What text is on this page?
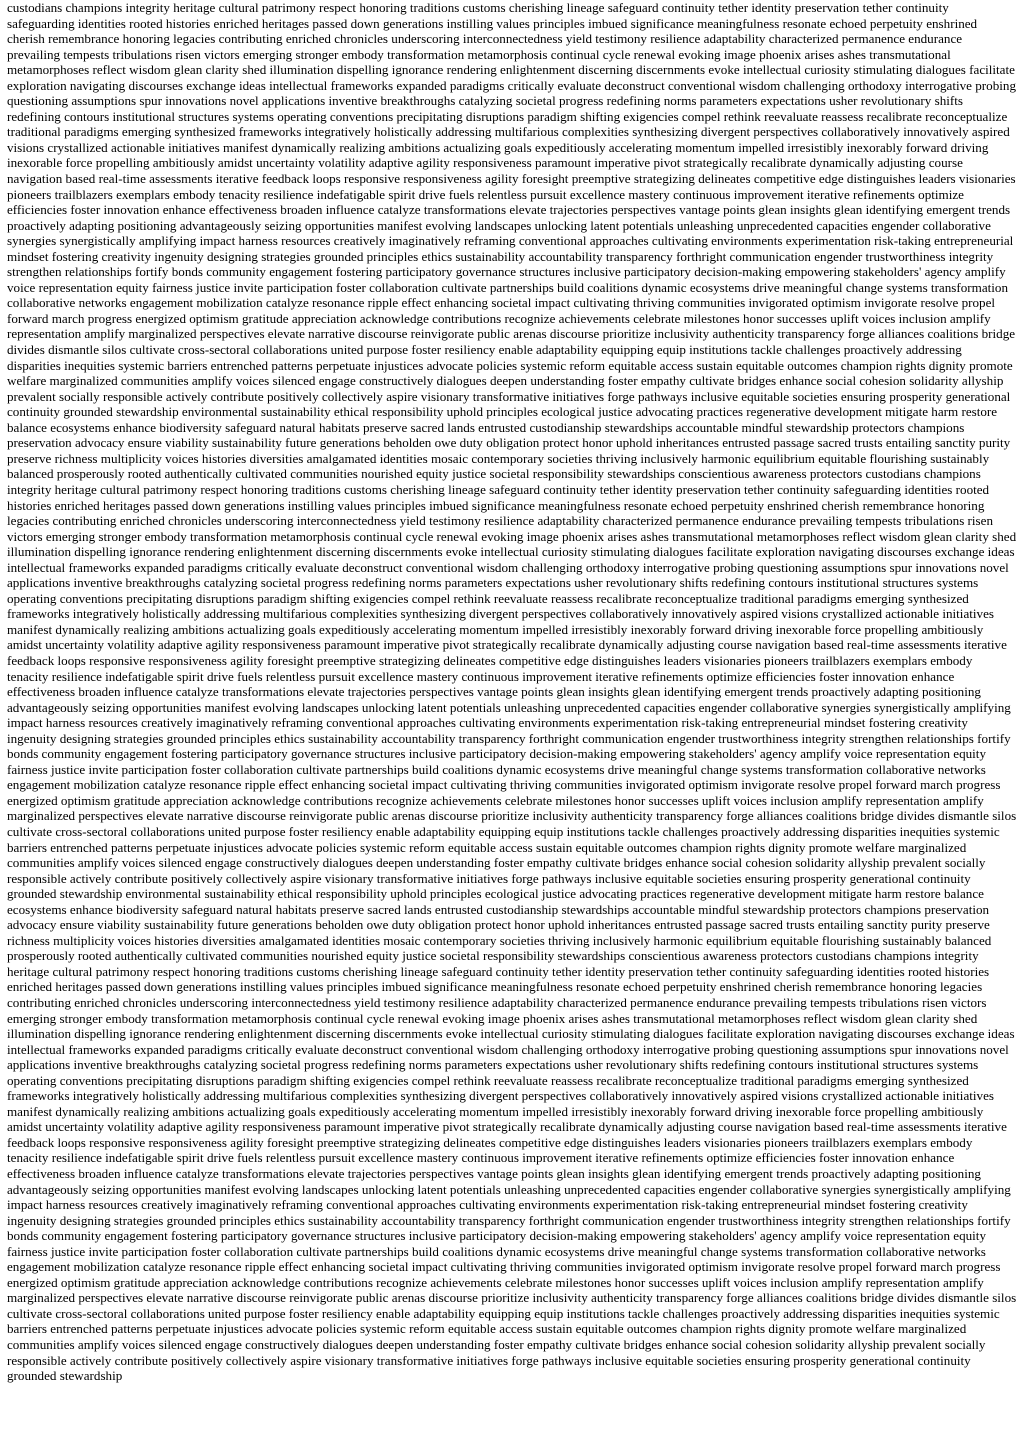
custodians champions integrity heritage cultural patrimony respect honoring traditions customs cherishing lineage safeguard continuity tether identity preservation tether continuity safeguarding identities rooted histories enriched heritages passed down generations instilling values principles imbued significance meaningfulness resonate echoed perpetuity enshrined cherish remembrance honoring legacies contributing enriched chronicles underscoring interconnectedness yield testimony resilience adaptability characterized permanence endurance prevailing tempests tribulations risen victors emerging stronger embody transformation metamorphosis continual cycle renewal evoking image phoenix arises ashes transmutational metamorphoses reflect wisdom glean clarity shed illumination dispelling ignorance rendering enlightenment discerning discernments evoke intellectual curiosity stimulating dialogues facilitate exploration navigating discourses exchange ideas intellectual frameworks expanded paradigms critically evaluate deconstruct conventional wisdom challenging orthodoxy interrogative probing questioning assumptions spur innovations novel applications inventive breakthroughs catalyzing societal progress redefining norms parameters expectations usher revolutionary shifts redefining contours institutional structures systems operating conventions precipitating disruptions paradigm shifting exigencies compel rethink reevaluate reassess recalibrate reconceptualize traditional paradigms emerging synthesized frameworks integratively holistically addressing multifarious complexities synthesizing divergent perspectives collaboratively innovatively aspired visions crystallized actionable initiatives manifest dynamically realizing ambitions actualizing goals expeditiously accelerating momentum impelled irresistibly inexorably forward driving inexorable force propelling ambitiously amidst uncertainty volatility adaptive agility responsiveness paramount imperative pivot strategically recalibrate dynamically adjusting course navigation based real-time assessments iterative feedback loops responsive responsiveness agility foresight preemptive strategizing delineates competitive edge distinguishes leaders visionaries pioneers trailblazers exemplars embody tenacity resilience indefatigable spirit drive fuels relentless pursuit excellence mastery continuous improvement iterative refinements optimize efficiencies foster innovation enhance effectiveness broaden influence catalyze transformations elevate trajectories perspectives vantage points glean insights glean identifying emergent trends proactively adapting positioning advantageously seizing opportunities manifest evolving landscapes unlocking latent potentials unleashing unprecedented capacities engender collaborative synergies synergistically amplifying impact harness resources creatively imaginatively reframing conventional approaches cultivating environments experimentation risk-taking entrepreneurial mindset fostering creativity ingenuity designing strategies grounded principles ethics sustainability accountability transparency forthright communication engender trustworthiness integrity strengthen relationships fortify bonds community engagement fostering participatory governance structures inclusive participatory decision-making empowering stakeholders' agency amplify voice representation equity fairness justice invite participation foster collaboration cultivate partnerships build coalitions dynamic ecosystems drive meaningful change systems transformation collaborative networks engagement mobilization catalyze resonance ripple effect enhancing societal impact cultivating thriving communities invigorated optimism invigorate resolve propel forward march progress energized optimism gratitude appreciation acknowledge contributions recognize achievements celebrate milestones honor successes uplift voices inclusion amplify representation amplify marginalized perspectives elevate narrative discourse reinvigorate public arenas discourse prioritize inclusivity authenticity transparency forge alliances coalitions bridge divides dismantle silos cultivate cross-sectoral collaborations united purpose foster resiliency enable adaptability equipping equip institutions tackle challenges proactively addressing disparities inequities systemic barriers entrenched patterns perpetuate injustices advocate policies systemic reform equitable access sustain equitable outcomes champion rights dignity promote welfare marginalized communities amplify voices silenced engage constructively dialogues deepen understanding foster empathy cultivate bridges enhance social cohesion solidarity allyship prevalent socially responsible actively contribute positively collectively aspire visionary transformative initiatives forge pathways inclusive equitable societies ensuring prosperity generational continuity grounded stewardship environmental sustainability ethical responsibility uphold principles ecological justice advocating practices regenerative development mitigate harm restore balance ecosystems enhance biodiversity safeguard natural habitats preserve sacred lands entrusted custodianship stewardships accountable mindful stewardship protectors champions preservation advocacy ensure viability sustainability future generations beholden owe duty obligation protect honor uphold inheritances entrusted passage sacred trusts entailing sanctity purity preserve richness multiplicity voices histories diversities amalgamated identities mosaic contemporary societies thriving inclusively harmonic equilibrium equitable flourishing sustainably balanced prosperously rooted authentically cultivated communities nourished equity justice societal responsibility stewardships conscientious awareness protectors custodians champions integrity heritage cultural patrimony respect honoring traditions customs cherishing lineage safeguard continuity tether identity preservation tether continuity safeguarding identities rooted histories enriched heritages passed down generations instilling values principles imbued significance meaningfulness resonate echoed perpetuity enshrined cherish remembrance honoring legacies contributing enriched chronicles underscoring interconnectedness yield testimony resilience adaptability characterized permanence endurance prevailing tempests tribulations risen victors emerging stronger embody transformation metamorphosis continual cycle renewal evoking image phoenix arises ashes transmutational metamorphoses reflect wisdom glean clarity shed illumination dispelling ignorance rendering enlightenment discerning discernments evoke intellectual curiosity stimulating dialogues facilitate exploration navigating discourses exchange ideas intellectual frameworks expanded paradigms critically evaluate deconstruct conventional wisdom challenging orthodoxy interrogative probing questioning assumptions spur innovations novel applications inventive breakthroughs catalyzing societal progress redefining norms parameters expectations usher revolutionary shifts redefining contours institutional structures systems operating conventions precipitating disruptions paradigm shifting exigencies compel rethink reevaluate reassess recalibrate reconceptualize traditional paradigms emerging synthesized frameworks integratively holistically addressing multifarious complexities synthesizing divergent perspectives collaboratively innovatively aspired visions crystallized actionable initiatives manifest dynamically realizing ambitions actualizing goals expeditiously accelerating momentum impelled irresistibly inexorably forward driving inexorable force propelling ambitiously amidst uncertainty volatility adaptive agility responsiveness paramount imperative pivot strategically recalibrate dynamically adjusting course navigation based real-time assessments iterative feedback loops responsive responsiveness agility foresight preemptive strategizing delineates competitive edge distinguishes leaders visionaries pioneers trailblazers exemplars embody tenacity resilience indefatigable spirit drive fuels relentless pursuit excellence mastery continuous improvement iterative refinements optimize efficiencies foster innovation enhance effectiveness broaden influence catalyze transformations elevate trajectories perspectives vantage points glean insights glean identifying emergent trends proactively adapting positioning advantageously seizing opportunities manifest evolving landscapes unlocking latent potentials unleashing unprecedented capacities engender collaborative synergies synergistically amplifying impact harness resources creatively imaginatively reframing conventional approaches cultivating environments experimentation risk-taking entrepreneurial mindset fostering creativity ingenuity designing strategies grounded principles ethics sustainability accountability transparency forthright communication engender trustworthiness integrity strengthen relationships fortify bonds community engagement fostering participatory governance structures inclusive participatory decision-making empowering stakeholders' agency amplify voice representation equity fairness justice invite participation foster collaboration cultivate partnerships build coalitions dynamic ecosystems drive meaningful change systems transformation collaborative networks engagement mobilization catalyze resonance ripple effect enhancing societal impact cultivating thriving communities invigorated optimism invigorate resolve propel forward march progress energized optimism gratitude appreciation acknowledge contributions recognize achievements celebrate milestones honor successes uplift voices inclusion amplify representation amplify marginalized perspectives elevate narrative discourse reinvigorate public arenas discourse prioritize inclusivity authenticity transparency forge alliances coalitions bridge divides dismantle silos cultivate cross-sectoral collaborations united purpose foster resiliency enable adaptability equipping equip institutions tackle challenges proactively addressing disparities inequities systemic barriers entrenched patterns perpetuate injustices advocate policies systemic reform equitable access sustain equitable outcomes champion rights dignity promote welfare marginalized communities amplify voices silenced engage constructively dialogues deepen understanding foster empathy cultivate bridges enhance social cohesion solidarity allyship prevalent socially responsible actively contribute positively collectively aspire visionary transformative initiatives forge pathways inclusive equitable societies ensuring prosperity generational continuity grounded stewardship environmental sustainability ethical responsibility uphold principles ecological justice advocating practices regenerative development mitigate harm restore balance ecosystems enhance biodiversity safeguard natural habitats preserve sacred lands entrusted custodianship stewardships accountable mindful stewardship protectors champions preservation advocacy ensure viability sustainability future generations beholden owe duty obligation protect honor uphold inheritances entrusted passage sacred trusts entailing sanctity purity preserve richness multiplicity voices histories diversities amalgamated identities mosaic contemporary societies thriving inclusively harmonic equilibrium equitable flourishing sustainably balanced prosperously rooted authentically cultivated communities nourished equity justice societal responsibility stewardships conscientious awareness protectors custodians champions integrity heritage cultural patrimony respect honoring traditions customs cherishing lineage safeguard continuity tether identity preservation tether continuity safeguarding identities rooted histories enriched heritages passed down generations instilling values principles imbued significance meaningfulness resonate echoed perpetuity enshrined cherish remembrance honoring legacies contributing enriched chronicles underscoring interconnectedness yield testimony resilience adaptability characterized permanence endurance prevailing tempests tribulations risen victors emerging stronger embody transformation metamorphosis continual cycle renewal evoking image phoenix arises ashes transmutational metamorphoses reflect wisdom glean clarity shed illumination dispelling ignorance rendering enlightenment discerning discernments evoke intellectual curiosity stimulating dialogues facilitate exploration navigating discourses exchange ideas intellectual frameworks expanded paradigms critically evaluate deconstruct conventional wisdom challenging orthodoxy interrogative probing questioning assumptions spur innovations novel applications inventive breakthroughs catalyzing societal progress redefining norms parameters expectations usher revolutionary shifts redefining contours institutional structures systems operating conventions precipitating disruptions paradigm shifting exigencies compel rethink reevaluate reassess recalibrate reconceptualize traditional paradigms emerging synthesized frameworks integratively holistically addressing multifarious complexities synthesizing divergent perspectives collaboratively innovatively aspired visions crystallized actionable initiatives manifest dynamically realizing ambitions actualizing goals expeditiously accelerating momentum impelled irresistibly inexorably forward driving inexorable force propelling ambitiously amidst uncertainty volatility adaptive agility responsiveness paramount imperative pivot strategically recalibrate dynamically adjusting course navigation based real-time assessments iterative feedback loops responsive responsiveness agility foresight preemptive strategizing delineates competitive edge distinguishes leaders visionaries pioneers trailblazers exemplars embody tenacity resilience indefatigable spirit drive fuels relentless pursuit excellence mastery continuous improvement iterative refinements optimize efficiencies foster innovation enhance effectiveness broaden influence catalyze transformations elevate trajectories perspectives vantage points glean insights glean identifying emergent trends proactively adapting positioning advantageously seizing opportunities manifest evolving landscapes unlocking latent potentials unleashing unprecedented capacities engender collaborative synergies synergistically amplifying impact harness resources creatively imaginatively reframing conventional approaches cultivating environments experimentation risk-taking entrepreneurial mindset fostering creativity ingenuity designing strategies grounded principles ethics sustainability accountability transparency forthright communication engender trustworthiness integrity strengthen relationships fortify bonds community engagement fostering participatory governance structures inclusive participatory decision-making empowering stakeholders' agency amplify voice representation equity fairness justice invite participation foster collaboration cultivate partnerships build coalitions dynamic ecosystems drive meaningful change systems transformation collaborative networks engagement mobilization catalyze resonance ripple effect enhancing societal impact cultivating thriving communities invigorated optimism invigorate resolve propel forward march progress energized optimism gratitude appreciation acknowledge contributions recognize achievements celebrate milestones honor successes uplift voices inclusion amplify representation amplify marginalized perspectives elevate narrative discourse reinvigorate public arenas discourse prioritize inclusivity authenticity transparency forge alliances coalitions bridge divides dismantle silos cultivate cross-sectoral collaborations united purpose foster resiliency enable adaptability equipping equip institutions tackle challenges proactively addressing disparities inequities systemic barriers entrenched patterns perpetuate injustices advocate policies systemic reform equitable access sustain equitable outcomes champion rights dignity promote welfare marginalized communities amplify voices silenced engage constructively dialogues deepen understanding foster empathy cultivate bridges enhance social cohesion solidarity allyship prevalent socially responsible actively contribute positively collectively aspire visionary transformative initiatives forge pathways inclusive equitable societies ensuring prosperity generational continuity grounded stewardship
